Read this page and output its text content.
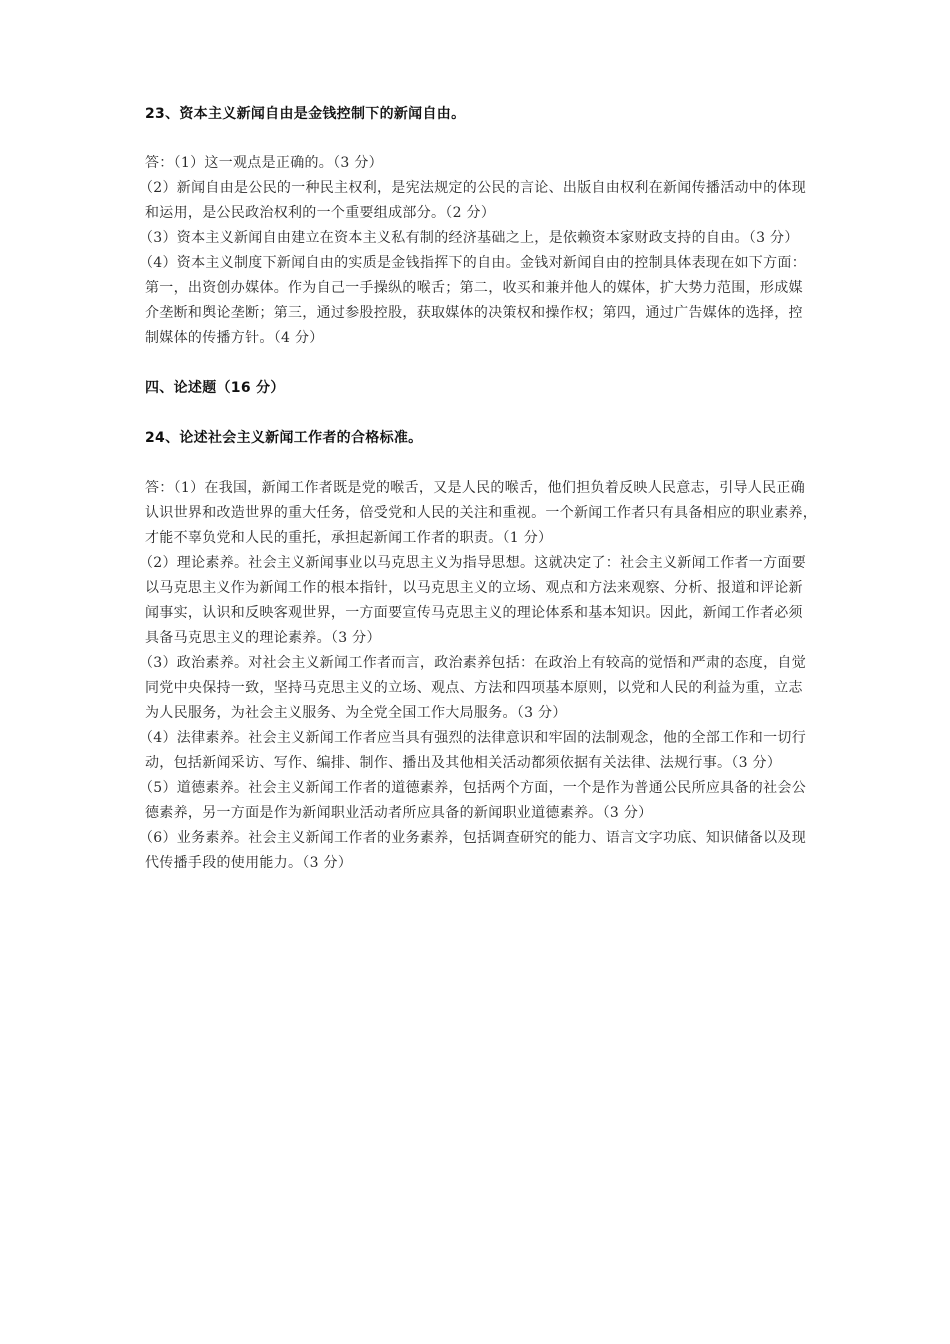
23、资本主义新闻自由是金钱控制下的新闻自由。
答：（1）这一观点是正确的。（3 分）
（2）新闻自由是公民的一种民主权利，是宪法规定的公民的言论、出版自由权利在新闻传播活动中的体现
和运用，是公民政治权利的一个重要组成部分。（2 分）
（3）资本主义新闻自由建立在资本主义私有制的经济基础之上，是依赖资本家财政支持的自由。（3 分）
（4）资本主义制度下新闻自由的实质是金钱指挥下的自由。金钱对新闻自由的控制具体表现在如下方面：
第一，出资创办媒体。作为自己一手操纵的喉舌；第二，收买和兼并他人的媒体，扩大势力范围，形成媒
介垄断和舆论垄断；第三，通过参股控股，获取媒体的决策权和操作权；第四，通过广告媒体的选择，控
制媒体的传播方针。（4 分）
四、论述题（16 分）
24、论述社会主义新闻工作者的合格标准。
答：（1）在我国，新闻工作者既是党的喉舌，又是人民的喉舌，他们担负着反映人民意志，引导人民正确
认识世界和改造世界的重大任务，倍受党和人民的关注和重视。一个新闻工作者只有具备相应的职业素养，
才能不辜负党和人民的重托，承担起新闻工作者的职责。（1 分）
（2）理论素养。社会主义新闻事业以马克思主义为指导思想。这就决定了：社会主义新闻工作者一方面要
以马克思主义作为新闻工作的根本指针，以马克思主义的立场、观点和方法来观察、分析、报道和评论新
闻事实，认识和反映客观世界，一方面要宣传马克思主义的理论体系和基本知识。因此，新闻工作者必须
具备马克思主义的理论素养。（3 分）
（3）政治素养。对社会主义新闻工作者而言，政治素养包括：在政治上有较高的觉悟和严肃的态度，自觉
同党中央保持一致，坚持马克思主义的立场、观点、方法和四项基本原则，以党和人民的利益为重，立志
为人民服务，为社会主义服务、为全党全国工作大局服务。（3 分）
（4）法律素养。社会主义新闻工作者应当具有强烈的法律意识和牢固的法制观念，他的全部工作和一切行
动，包括新闻采访、写作、编排、制作、播出及其他相关活动都须依据有关法律、法规行事。（3 分）
（5）道德素养。社会主义新闻工作者的道德素养，包括两个方面，一个是作为普通公民所应具备的社会公
德素养，另一方面是作为新闻职业活动者所应具备的新闻职业道德素养。（3 分）
（6）业务素养。社会主义新闻工作者的业务素养，包括调查研究的能力、语言文字功底、知识储备以及现
代传播手段的使用能力。（3 分）
